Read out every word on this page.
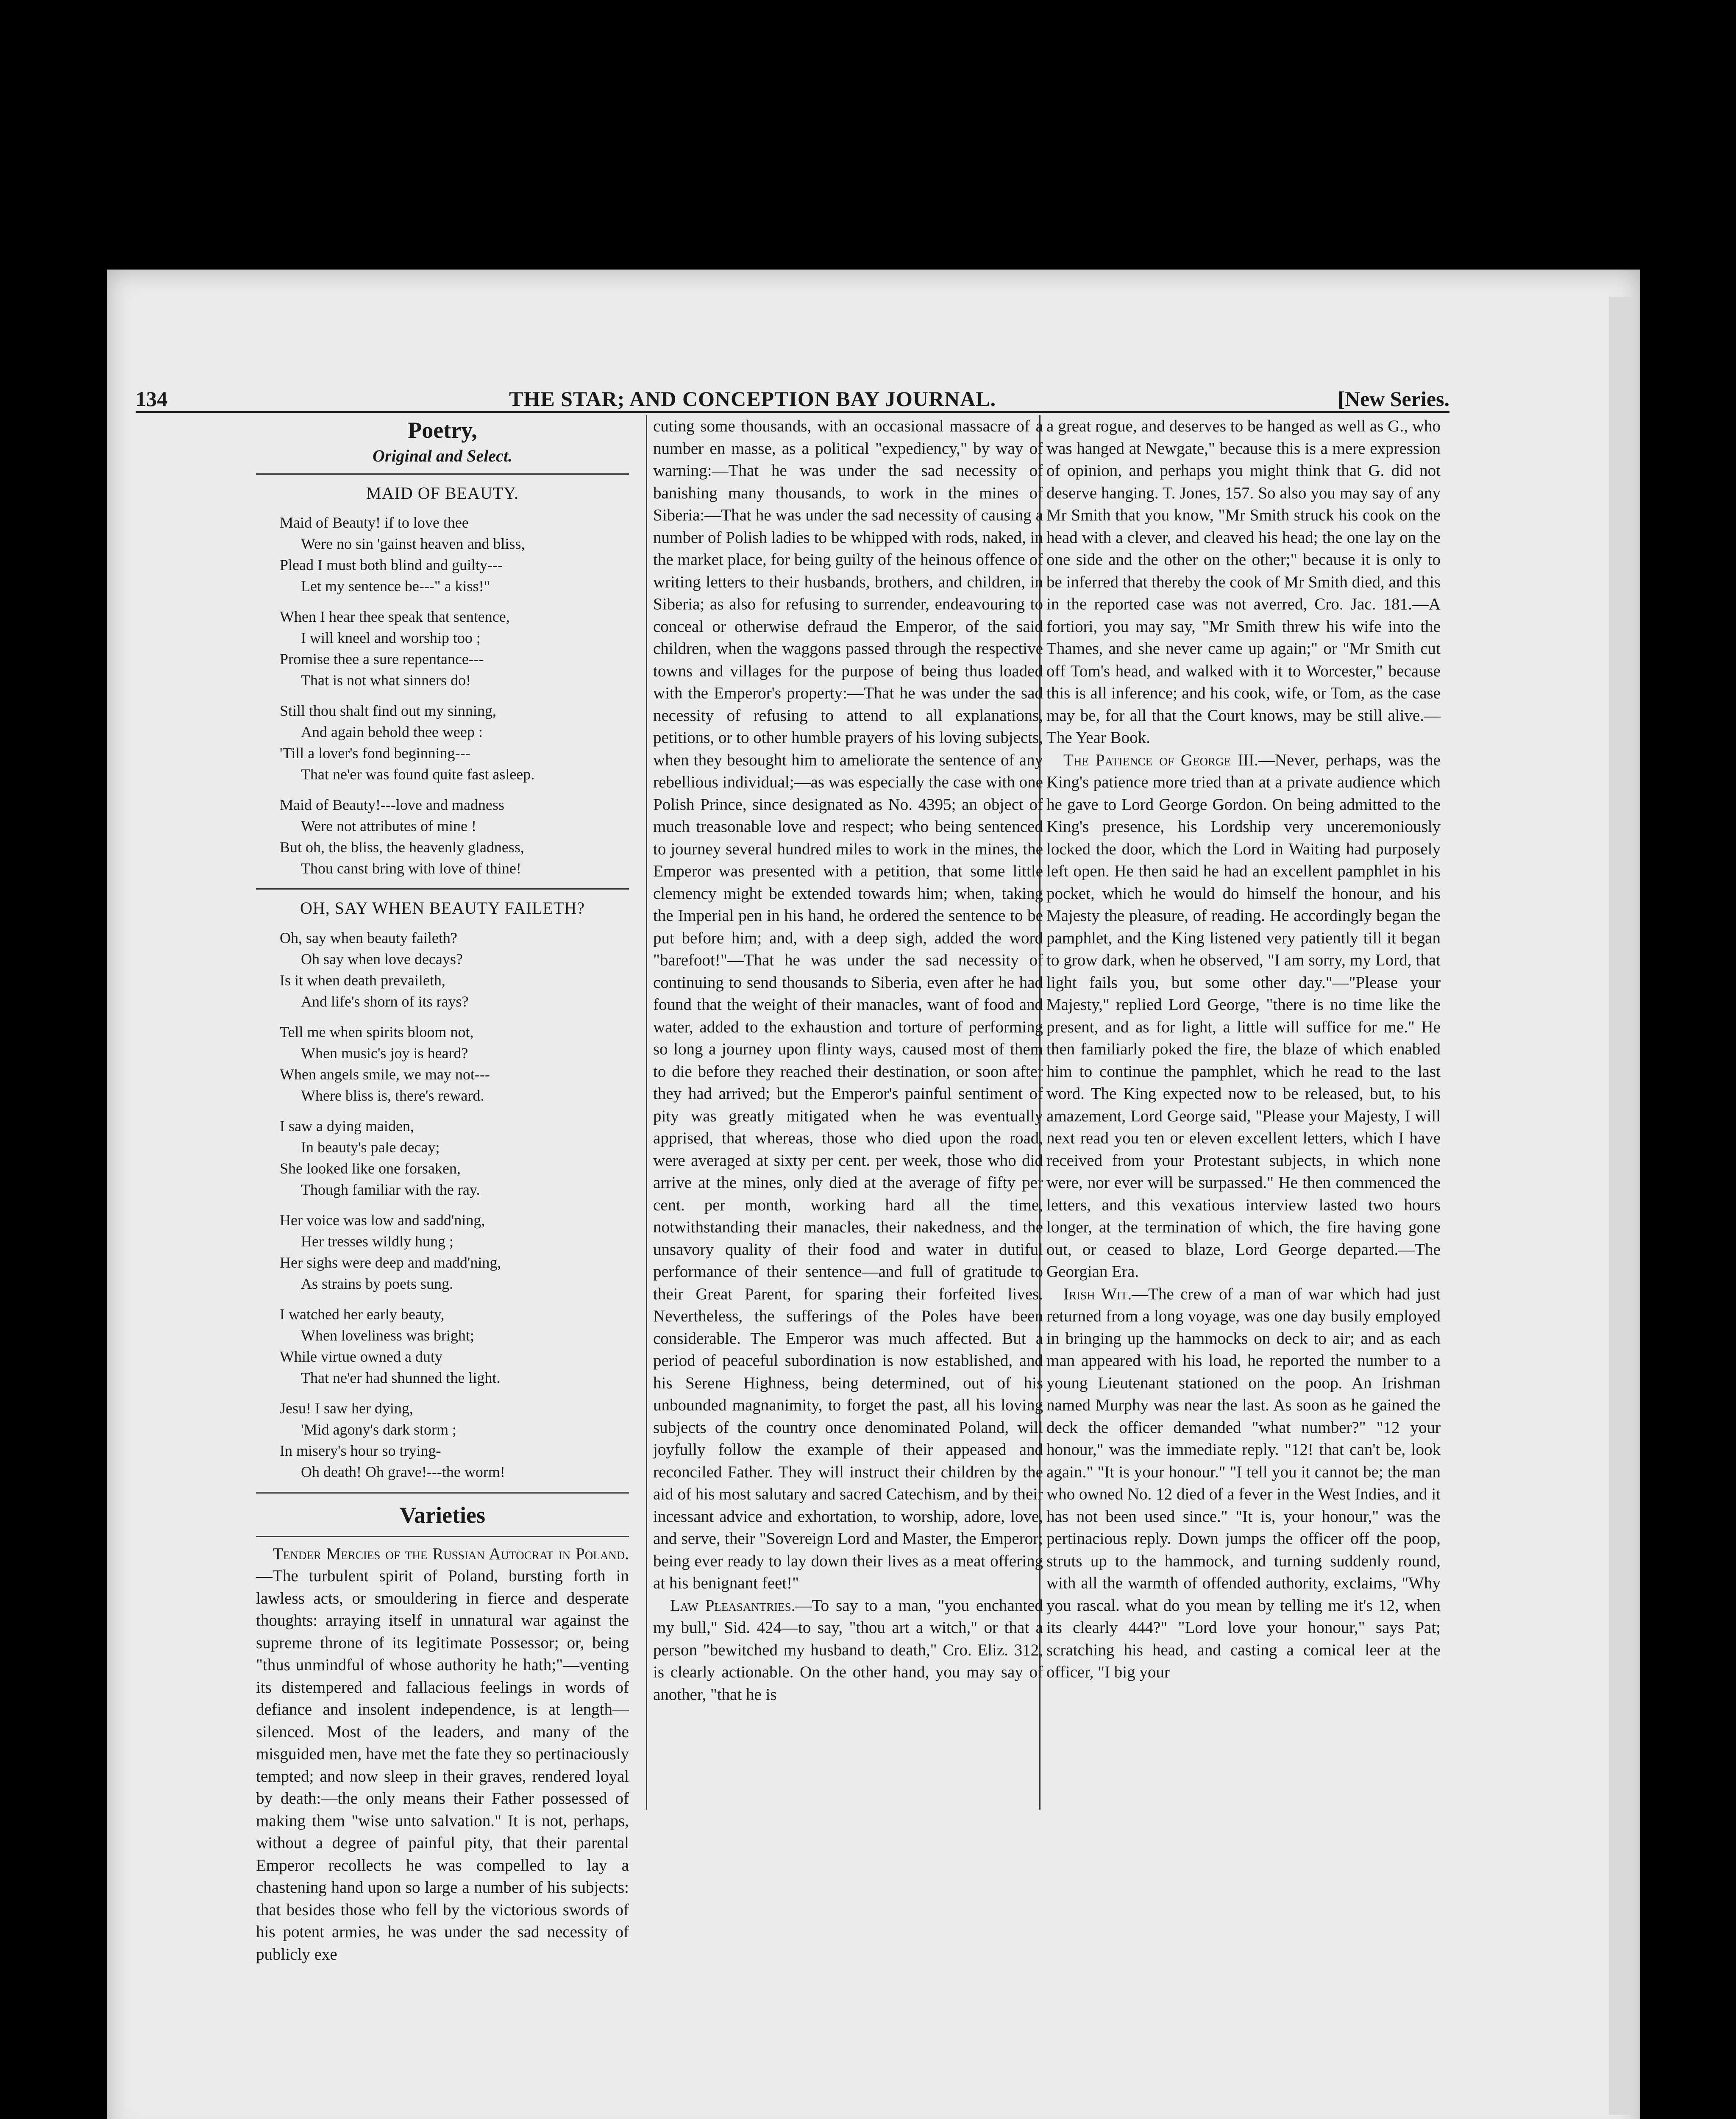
134	THE STAR; AND CONCEPTION BAY JOURNAL.	[New Series.
Poetry,
Original and Select.
MAID OF BEAUTY.
Maid of Beauty! if to love thee
Were no sin 'gainst heaven and bliss,
Plead I must both blind and guilty---
Let my sentence be---" a kiss!"
When I hear thee speak that sentence,
I will kneel and worship too ;
Promise thee a sure repentance---
That is not what sinners do!
Still thou shalt find out my sinning,
And again behold thee weep :
'Till a lover's fond beginning---
That ne'er was found quite fast asleep.
Maid of Beauty!---love and madness
Were not attributes of mine !
But oh, the bliss, the heavenly gladness,
Thou canst bring with love of thine!
OH, SAY WHEN BEAUTY FAILETH?
Oh, say when beauty faileth?
Oh say when love decays?
Is it when death prevaileth,
And life's shorn of its rays?
Tell me when spirits bloom not,
When music's joy is heard?
When angels smile, we may not---
Where bliss is, there's reward.
I saw a dying maiden,
In beauty's pale decay;
She looked like one forsaken,
Though familiar with the ray.
Her voice was low and sadd'ning,
Her tresses wildly hung ;
Her sighs were deep and madd'ning,
As strains by poets sung.
I watched her early beauty,
When loveliness was bright;
While virtue owned a duty
That ne'er had shunned the light.
Jesu! I saw her dying,
'Mid agony's dark storm ;
In misery's hour so trying-
Oh death! Oh grave!---the worm!
Varieties

Tender Mercies of the Russian Autocrat in Poland.—The turbulent spirit of Poland, bursting forth in lawless acts, or smouldering in fierce and desperate thoughts: arraying itself in unnatural war against the supreme throne of its legitimate Possessor; or, being "thus unmindful of whose authority he hath;"—venting its distempered and fallacious feelings in words of defiance and insolent independence, is at length—silenced. Most of the leaders, and many of the misguided men, have met the fate they so pertinaciously tempted; and now sleep in their graves, rendered loyal by death:—the only means their Father possessed of making them "wise unto salvation." It is not, perhaps, without a degree of painful pity, that their parental Emperor recollects he was compelled to lay a chastening hand upon so large a number of his subjects: that besides those who fell by the victorious swords of his potent armies, he was under the sad necessity of publicly exe

cuting some thousands, with an occasional massacre of a number en masse, as a political "expediency," by way of warning:—That he was under the sad necessity of banishing many thousands, to work in the mines of Siberia:—That he was under the sad necessity of causing a number of Polish ladies to be whipped with rods, naked, in the market place, for being guilty of the heinous offence of writing letters to their husbands, brothers, and children, in Siberia; as also for refusing to surrender, endeavouring to conceal or otherwise defraud the Emperor, of the said children, when the waggons passed through the respective towns and villages for the purpose of being thus loaded with the Emperor's property:—That he was under the sad necessity of refusing to attend to all explanations, petitions, or to other humble prayers of his loving subjects, when they besought him to ameliorate the sentence of any rebellious individual;—as was especially the case with one Polish Prince, since designated as No. 4395; an object of much treasonable love and respect; who being sentenced to journey several hundred miles to work in the mines, the Emperor was presented with a petition, that some little clemency might be extended towards him; when, taking the Imperial pen in his hand, he ordered the sentence to be put before him; and, with a deep sigh, added the word "barefoot!"—That he was under the sad necessity of continuing to send thousands to Siberia, even after he had found that the weight of their manacles, want of food and water, added to the exhaustion and torture of performing so long a journey upon flinty ways, caused most of them to die before they reached their destination, or soon after they had arrived; but the Emperor's painful sentiment of pity was greatly mitigated when he was eventually apprised, that whereas, those who died upon the road, were averaged at sixty per cent. per week, those who did arrive at the mines, only died at the average of fifty per cent. per month, working hard all the time, notwithstanding their manacles, their nakedness, and the unsavory quality of their food and water in dutiful performance of their sentence—and full of gratitude to their Great Parent, for sparing their forfeited lives. Nevertheless, the sufferings of the Poles have been considerable. The Emperor was much affected. But a period of peaceful subordination is now established, and his Serene Highness, being determined, out of his unbounded magnanimity, to forget the past, all his loving subjects of the country once denominated Poland, will joyfully follow the example of their appeased and reconciled Father. They will instruct their children by the aid of his most salutary and sacred Catechism, and by their incessant advice and exhortation, to worship, adore, love, and serve, their "Sovereign Lord and Master, the Emperor; being ever ready to lay down their lives as a meat offering at his benignant feet!"

Law Pleasantries.—To say to a man, "you enchanted my bull," Sid. 424—to say, "thou art a witch," or that a person "bewitched my husband to death," Cro. Eliz. 312, is clearly actionable. On the other hand, you may say of another, "that he is

a great rogue, and deserves to be hanged as well as G., who was hanged at Newgate," because this is a mere expression of opinion, and perhaps you might think that G. did not deserve hanging. T. Jones, 157. So also you may say of any Mr Smith that you know, "Mr Smith struck his cook on the head with a clever, and cleaved his head; the one lay on the one side and the other on the other;" because it is only to be inferred that thereby the cook of Mr Smith died, and this in the reported case was not averred, Cro. Jac. 181.—A fortiori, you may say, "Mr Smith threw his wife into the Thames, and she never came up again;" or "Mr Smith cut off Tom's head, and walked with it to Worcester," because this is all inference; and his cook, wife, or Tom, as the case may be, for all that the Court knows, may be still alive.—The Year Book.

The Patience of George III.—Never, perhaps, was the King's patience more tried than at a private audience which he gave to Lord George Gordon. On being admitted to the King's presence, his Lordship very unceremoniously locked the door, which the Lord in Waiting had purposely left open. He then said he had an excellent pamphlet in his pocket, which he would do himself the honour, and his Majesty the pleasure, of reading. He accordingly began the pamphlet, and the King listened very patiently till it began to grow dark, when he observed, "I am sorry, my Lord, that light fails you, but some other day."—"Please your Majesty," replied Lord George, "there is no time like the present, and as for light, a little will suffice for me." He then familiarly poked the fire, the blaze of which enabled him to continue the pamphlet, which he read to the last word. The King expected now to be released, but, to his amazement, Lord George said, "Please your Majesty, I will next read you ten or eleven excellent letters, which I have received from your Protestant subjects, in which none were, nor ever will be surpassed." He then commenced the letters, and this vexatious interview lasted two hours longer, at the termination of which, the fire having gone out, or ceased to blaze, Lord George departed.—The Georgian Era.

Irish Wit.—The crew of a man of war which had just returned from a long voyage, was one day busily employed in bringing up the hammocks on deck to air; and as each man appeared with his load, he reported the number to a young Lieutenant stationed on the poop. An Irishman named Murphy was near the last. As soon as he gained the deck the officer demanded "what number?" "12 your honour," was the immediate reply. "12! that can't be, look again." "It is your honour." "I tell you it cannot be; the man who owned No. 12 died of a fever in the West Indies, and it has not been used since." "It is, your honour," was the pertinacious reply. Down jumps the officer off the poop, struts up to the hammock, and turning suddenly round, with all the warmth of offended authority, exclaims, "Why you rascal. what do you mean by telling me it's 12, when its clearly 444?" "Lord love your honour," says Pat; scratching his head, and casting a comical leer at the officer, "I big your
